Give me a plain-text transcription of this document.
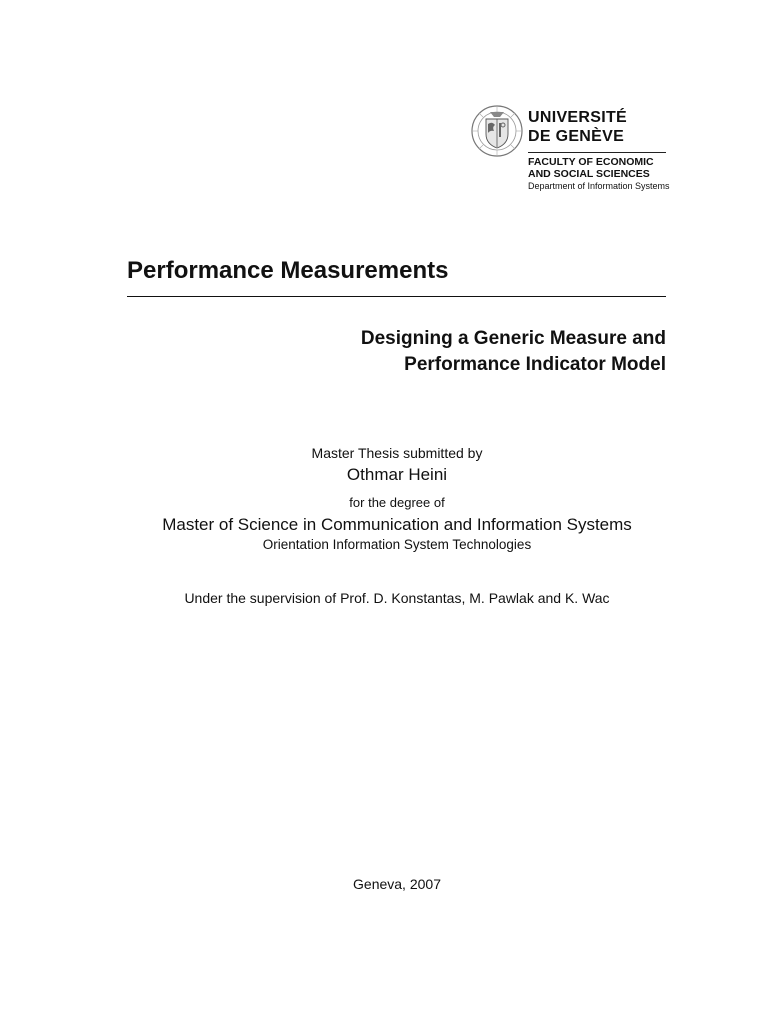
UNIVERSITÉ
DE GENÈVE
FACULTY OF ECONOMIC
AND SOCIAL SCIENCES
Department of Information Systems
Performance Measurements
Designing a Generic Measure and
Performance Indicator Model
Master Thesis submitted by
Othmar Heini
for the degree of
Master of Science in Communication and Information Systems
Orientation Information System Technologies
Under the supervision of Prof. D. Konstantas, M. Pawlak and K. Wac
Geneva, 2007
